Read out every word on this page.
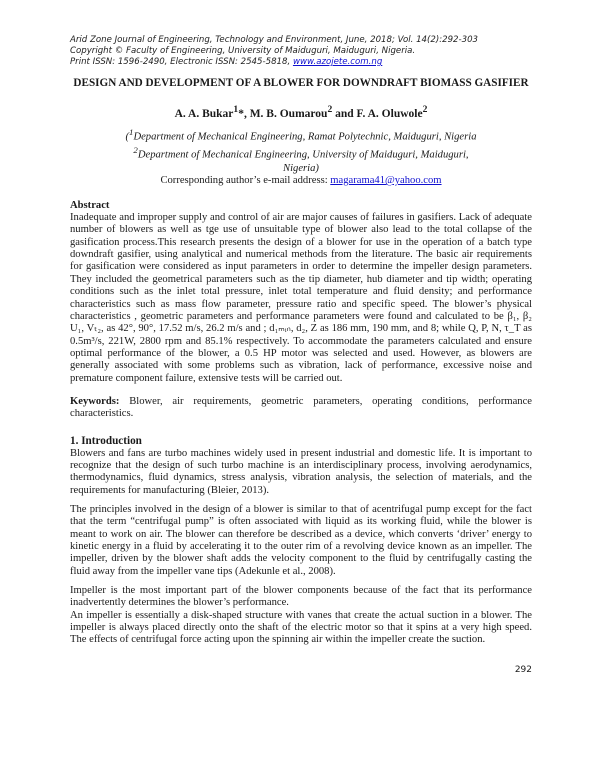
Arid Zone Journal of Engineering, Technology and Environment, June, 2018; Vol. 14(2):292-303
Copyright © Faculty of Engineering, University of Maiduguri, Maiduguri, Nigeria.
Print ISSN: 1596-2490, Electronic ISSN: 2545-5818, www.azojete.com.ng
DESIGN AND DEVELOPMENT OF A BLOWER FOR DOWNDRAFT BIOMASS GASIFIER
A. A. Bukar$^1$*, M. B. Oumarou$^2$ and F. A. Oluwole$^2$
($^1$Department of Mechanical Engineering, Ramat Polytechnic, Maiduguri, Nigeria
$^2$Department of Mechanical Engineering, University of Maiduguri, Maiduguri, Nigeria)
Corresponding author’s e-mail address: magarama41@yahoo.com
Abstract
Inadequate and improper supply and control of air are major causes of failures in gasifiers. Lack of adequate number of blowers as well as tge use of unsuitable type of blower also lead to the total collapse of the gasification process.This research presents the design of a blower for use in the operation of a batch type downdraft gasifier, using analytical and numerical methods from the literature. The basic air requirements for gasification were considered as input parameters in order to determine the impeller design parameters. They included the geometrical parameters such as the tip diameter, hub diameter and tip width; operating conditions such as the inlet total pressure, inlet total temperature and fluid density; and performance characteristics such as mass flow parameter, pressure ratio and specific speed. The blower’s physical characteristics , geometric parameters and performance parameters were found and calculated to be β₁, β₂ U₁, Vₜ₂, as 42°, 90°, 17.52 m/s, 26.2 m/s and ; d₁ₘᵢₙ, d₂, Z as 186 mm, 190 mm, and 8; while Q, P, N, τ_T as 0.5m³/s, 221W, 2800 rpm and 85.1% respectively. To accommodate the parameters calculated and ensure optimal performance of the blower, a 0.5 HP motor was selected and used. However, as blowers are generally associated with some problems such as vibration, lack of performance, excessive noise and premature component failure, extensive tests will be carried out.
Keywords: Blower, air requirements, geometric parameters, operating conditions, performance characteristics.
1. Introduction
Blowers and fans are turbo machines widely used in present industrial and domestic life. It is important to recognize that the design of such turbo machine is an interdisciplinary process, involving aerodynamics, thermodynamics, fluid dynamics, stress analysis, vibration analysis, the selection of materials, and the requirements for manufacturing (Bleier, 2013).
The principles involved in the design of a blower is similar to that of acentrifugal pump except for the fact that the term “centrifugal pump” is often associated with liquid as its working fluid, while the blower is meant to work on air. The blower can therefore be described as a device, which converts ‘driver’ energy to kinetic energy in a fluid by accelerating it to the outer rim of a revolving device known as an impeller. The impeller, driven by the blower shaft adds the velocity component to the fluid by centrifugally casting the fluid away from the impeller vane tips (Adekunle et al., 2008).
Impeller is the most important part of the blower components because of the fact that its performance inadvertently determines the blower’s performance.
An impeller is essentially a disk-shaped structure with vanes that create the actual suction in a blower. The impeller is always placed directly onto the shaft of the electric motor so that it spins at a very high speed. The effects of centrifugal force acting upon the spinning air within the impeller create the suction.
292
